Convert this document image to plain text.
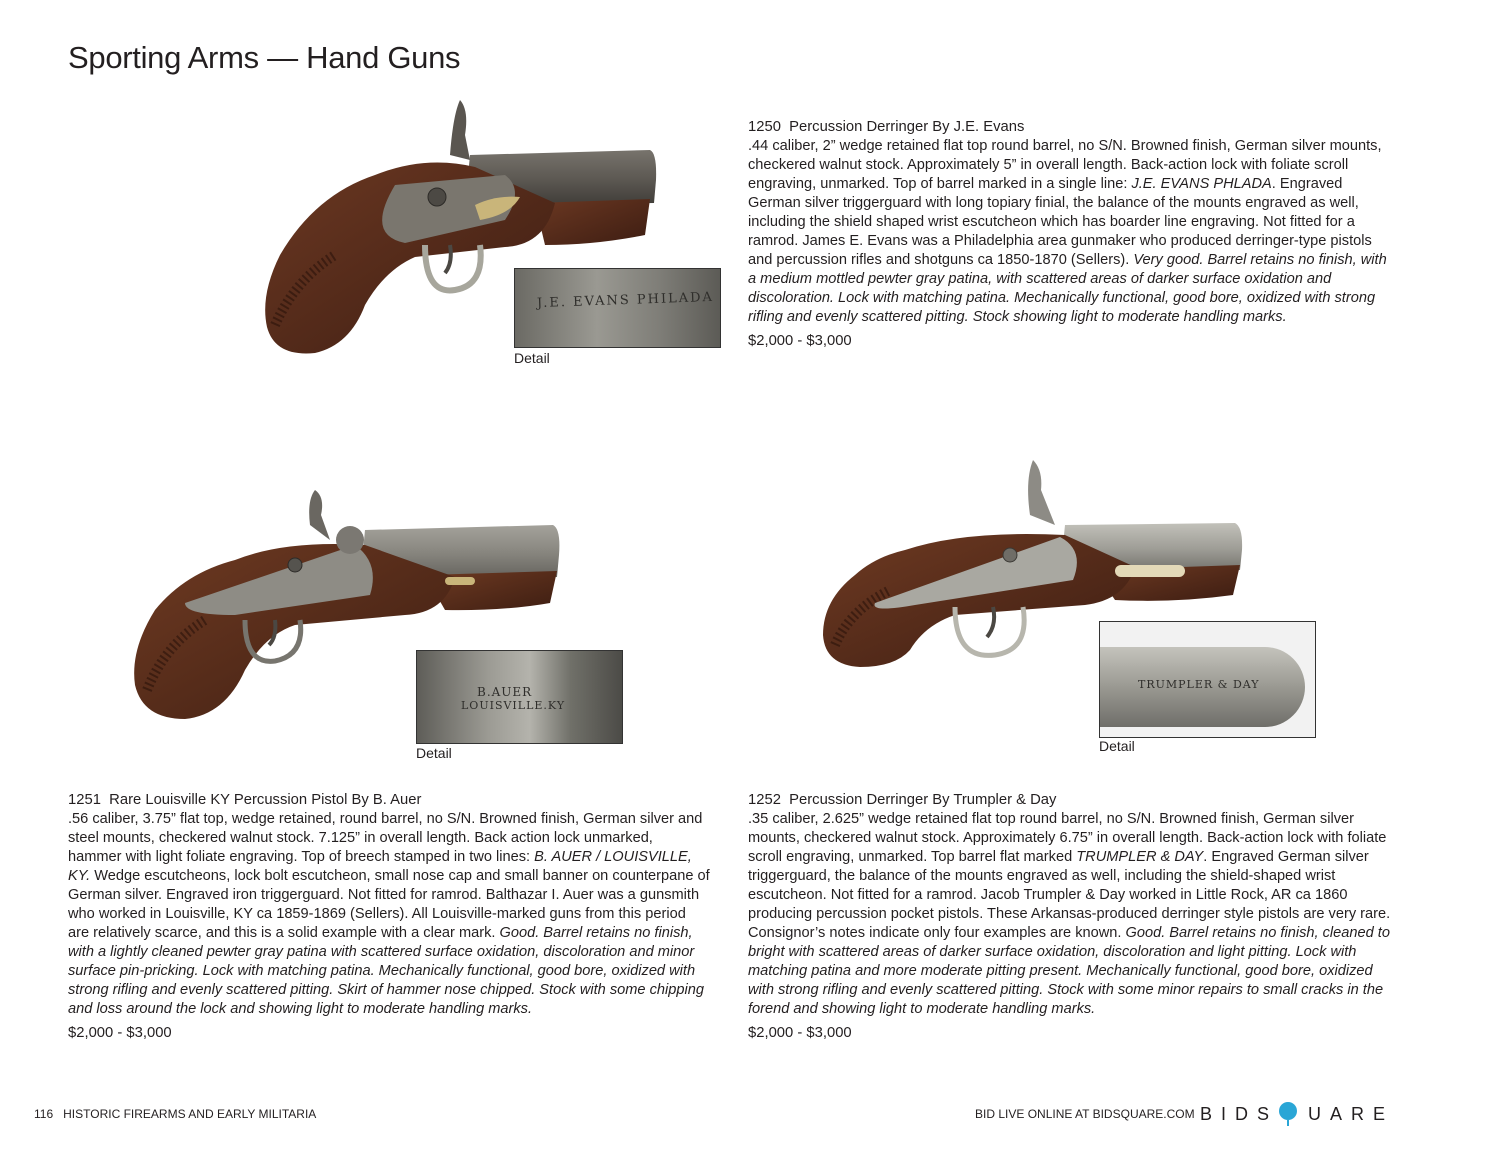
Sporting Arms — Hand Guns
J.E. EVANS PHILADA
Detail
1250 Percussion Derringer By J.E. Evans

.44 caliber, 2” wedge retained flat top round barrel, no S/N. Browned finish, German silver mounts, checkered walnut stock. Approximately 5” in overall length. Back-action lock with foliate scroll engraving, unmarked. Top of barrel marked in a single line: J.E. EVANS PHLADA. Engraved German silver triggerguard with long topiary finial, the balance of the mounts engraved as well, including the shield shaped wrist escutcheon which has boarder line engraving. Not fitted for a ramrod. James E. Evans was a Philadelphia area gunmaker who produced derringer-type pistols and percussion rifles and shotguns ca 1850-1870 (Sellers). Very good. Barrel retains no finish, with a medium mottled pewter gray patina, with scattered areas of darker surface oxidation and discoloration. Lock with matching patina. Mechanically functional, good bore, oxidized with strong rifling and evenly scattered pitting. Stock showing light to moderate handling marks.

$2,000 - $3,000
B.AUER
LOUISVILLE.KY
Detail
1251 Rare Louisville KY Percussion Pistol By B. Auer

.56 caliber, 3.75” flat top, wedge retained, round barrel, no S/N. Browned finish, German silver and steel mounts, checkered walnut stock. 7.125” in overall length. Back action lock unmarked, hammer with light foliate engraving. Top of breech stamped in two lines: B. AUER / LOUISVILLE, KY. Wedge escutcheons, lock bolt escutcheon, small nose cap and small banner on counterpane of German silver. Engraved iron triggerguard. Not fitted for ramrod. Balthazar I. Auer was a gunsmith who worked in Louisville, KY ca 1859-1869 (Sellers). All Louisville-marked guns from this period are relatively scarce, and this is a solid example with a clear mark. Good. Barrel retains no finish, with a lightly cleaned pewter gray patina with scattered surface oxidation, discoloration and minor surface pin-pricking. Lock with matching patina. Mechanically functional, good bore, oxidized with strong rifling and evenly scattered pitting. Skirt of hammer nose chipped. Stock with some chipping and loss around the lock and showing light to moderate handling marks.

$2,000 - $3,000
TRUMPLER & DAY
Detail
1252 Percussion Derringer By Trumpler & Day

.35 caliber, 2.625” wedge retained flat top round barrel, no S/N. Browned finish, German silver mounts, checkered walnut stock. Approximately 6.75” in overall length. Back-action lock with foliate scroll engraving, unmarked. Top barrel flat marked TRUMPLER & DAY. Engraved German silver triggerguard, the balance of the mounts engraved as well, including the shield-shaped wrist escutcheon. Not fitted for a ramrod. Jacob Trumpler & Day worked in Little Rock, AR ca 1860 producing percussion pocket pistols. These Arkansas-produced derringer style pistols are very rare. Consignor’s notes indicate only four examples are known. Good. Barrel retains no finish, cleaned to bright with scattered areas of darker surface oxidation, discoloration and light pitting. Lock with matching patina and more moderate pitting present. Mechanically functional, good bore, oxidized with strong rifling and evenly scattered pitting. Stock with some minor repairs to small cracks in the forend and showing light to moderate handling marks.

$2,000 - $3,000
116 HISTORIC FIREARMS AND EARLY MILITARIA	BID LIVE ONLINE AT BIDSQUARE.COM BIDS UARE
